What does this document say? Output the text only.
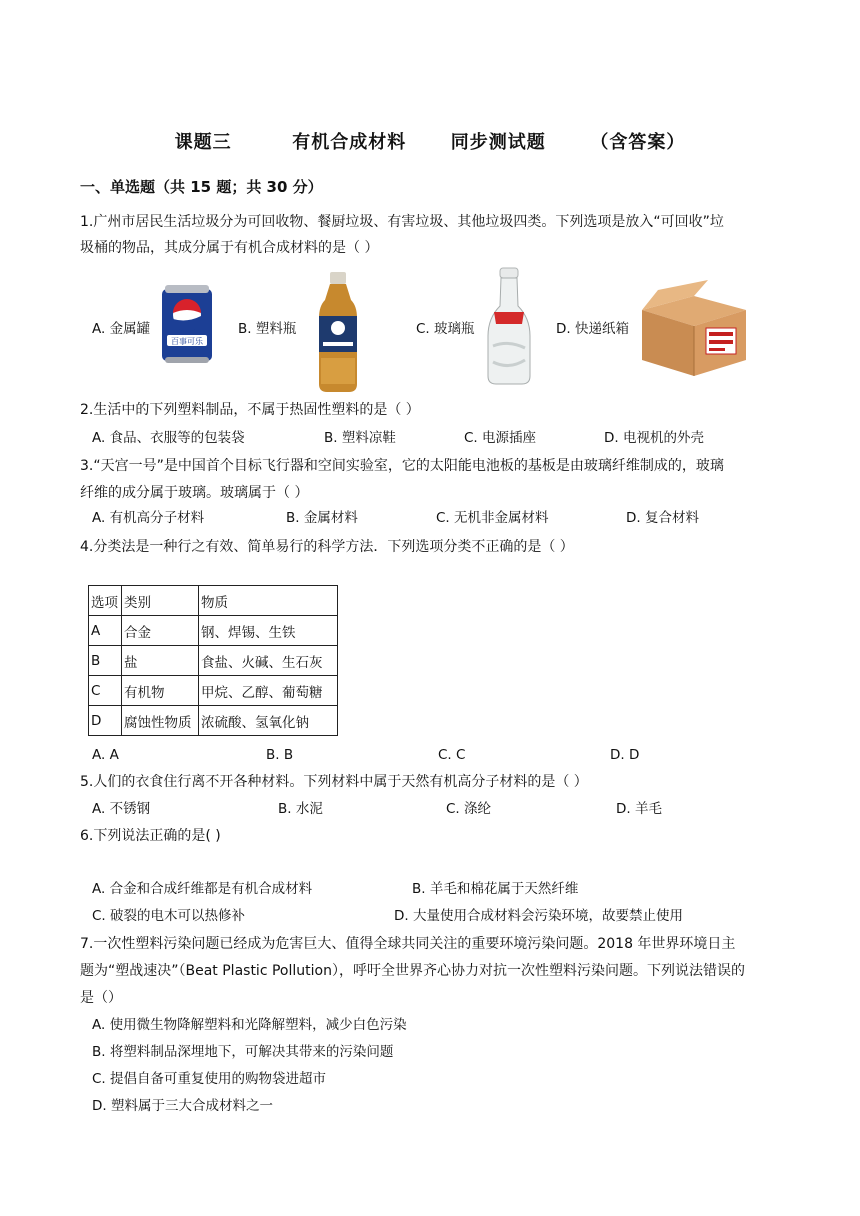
课题三	有机合成材料 同步测试题 （含答案）
一、单选题（共 15 题；共 30 分）
1.广州市居民生活垃圾分为可回收物、餐厨垃圾、有害垃圾、其他垃圾四类。下列选项是放入“可回收”垃
圾桶的物品，其成分属于有机合成材料的是（ ）
A. 金属罐
百事可乐
B. 塑料瓶	C. 玻璃瓶	D. 快递纸箱
2.生活中的下列塑料制品，不属于热固性塑料的是（ ）
A. 食品、衣服等的包装袋	B. 塑料凉鞋	C. 电源插座	D. 电视机的外壳
3.“天宫一号”是中国首个目标飞行器和空间实验室，它的太阳能电池板的基板是由玻璃纤维制成的，玻璃
纤维的成分属于玻璃。玻璃属于（ ）
A. 有机高分子材料	B. 金属材料	C. 无机非金属材料	D. 复合材料
4.分类法是一种行之有效、简单易行的科学方法．下列选项分类不正确的是（ ）
选项	类别	物质
A	合金	钢、焊锡、生铁
B	盐	食盐、火碱、生石灰
C	有机物	甲烷、乙醇、葡萄糖
D	腐蚀性物质	浓硫酸、氢氧化钠
A. A	B. B	C. C	D. D
5.人们的衣食住行离不开各种材料。下列材料中属于天然有机高分子材料的是（ ）
A. 不锈钢	B. 水泥	C. 涤纶	D. 羊毛
6.下列说法正确的是( )
A. 合金和合成纤维都是有机合成材料	B. 羊毛和棉花属于天然纤维
C. 破裂的电木可以热修补	D. 大量使用合成材料会污染环境，故要禁止使用
7.一次性塑料污染问题已经成为危害巨大、值得全球共同关注的重要环境污染问题。2018 年世界环境日主
题为“塑战速决”（Beat Plastic Pollution），呼吁全世界齐心协力对抗一次性塑料污染问题。下列说法错误的
是（）
A. 使用微生物降解塑料和光降解塑料，减少白色污染
B. 将塑料制品深埋地下，可解决其带来的污染问题
C. 提倡自备可重复使用的购物袋进超市
D. 塑料属于三大合成材料之一
